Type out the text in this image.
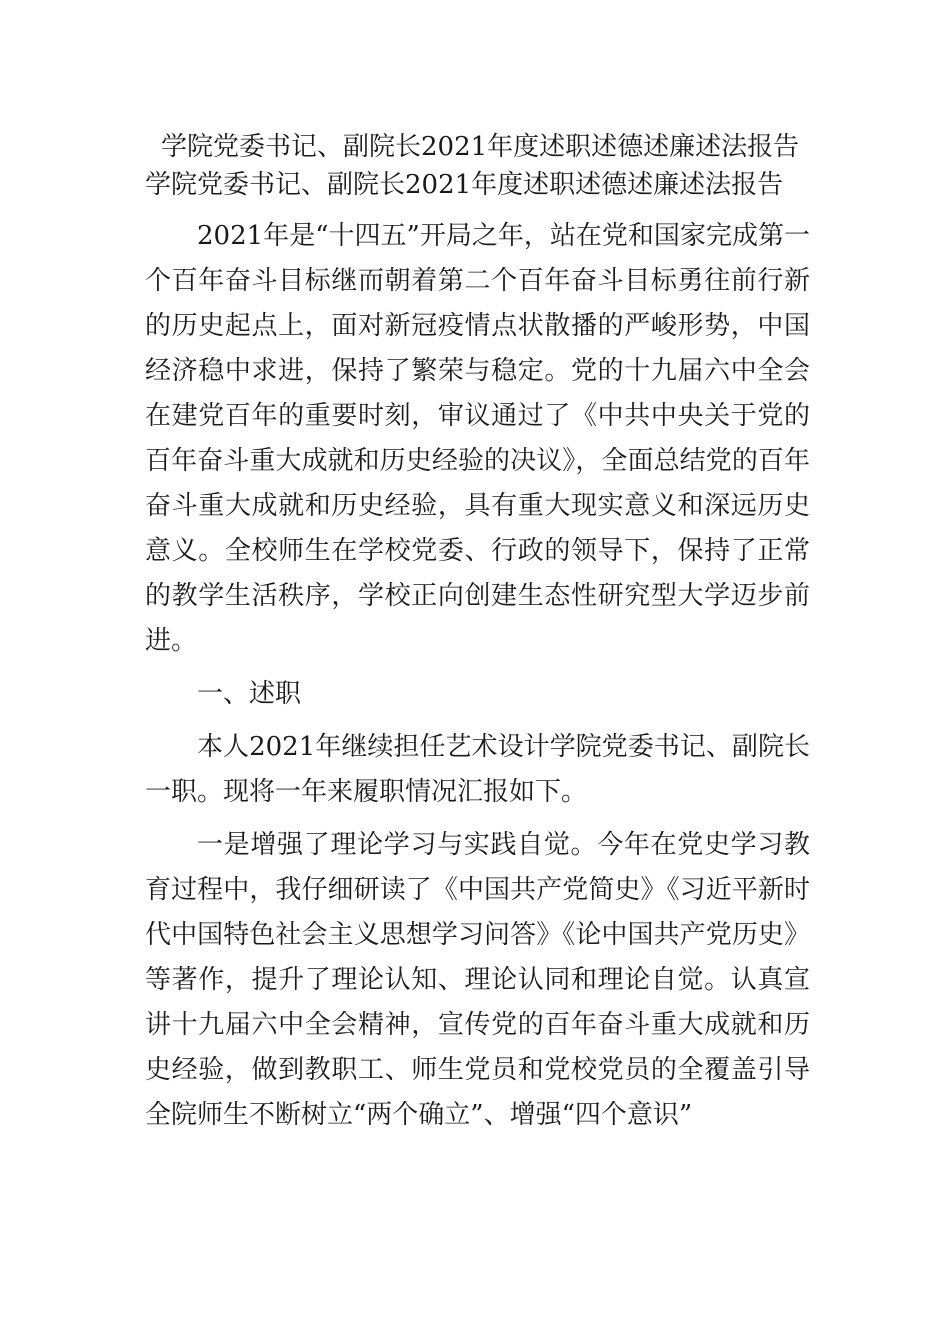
学院党委书记、副院长2021年度述职述德述廉述法报告
学院党委书记、副院长2021年度述职述德述廉述法报告

2021年是“十四五”开局之年，站在党和国家完成第一个百年奋斗目标继而朝着第二个百年奋斗目标勇往前行新的历史起点上，面对新冠疫情点状散播的严峻形势，中国经济稳中求进，保持了繁荣与稳定。党的十九届六中全会在建党百年的重要时刻，审议通过了《中共中央关于党的百年奋斗重大成就和历史经验的决议》，全面总结党的百年奋斗重大成就和历史经验，具有重大现实意义和深远历史意义。全校师生在学校党委、行政的领导下，保持了正常的教学生活秩序，学校正向创建生态性研究型大学迈步前进。

一、述职

本人2021年继续担任艺术设计学院党委书记、副院长一职。现将一年来履职情况汇报如下。

一是增强了理论学习与实践自觉。今年在党史学习教育过程中，我仔细研读了《中国共产党简史》《习近平新时代中国特色社会主义思想学习问答》《论中国共产党历史》等著作，提升了理论认知、理论认同和理论自觉。认真宣讲十九届六中全会精神，宣传党的百年奋斗重大成就和历史经验，做到教职工、师生党员和党校党员的全覆盖引导全院师生不断树立“两个确立”、增强“四个意识”
